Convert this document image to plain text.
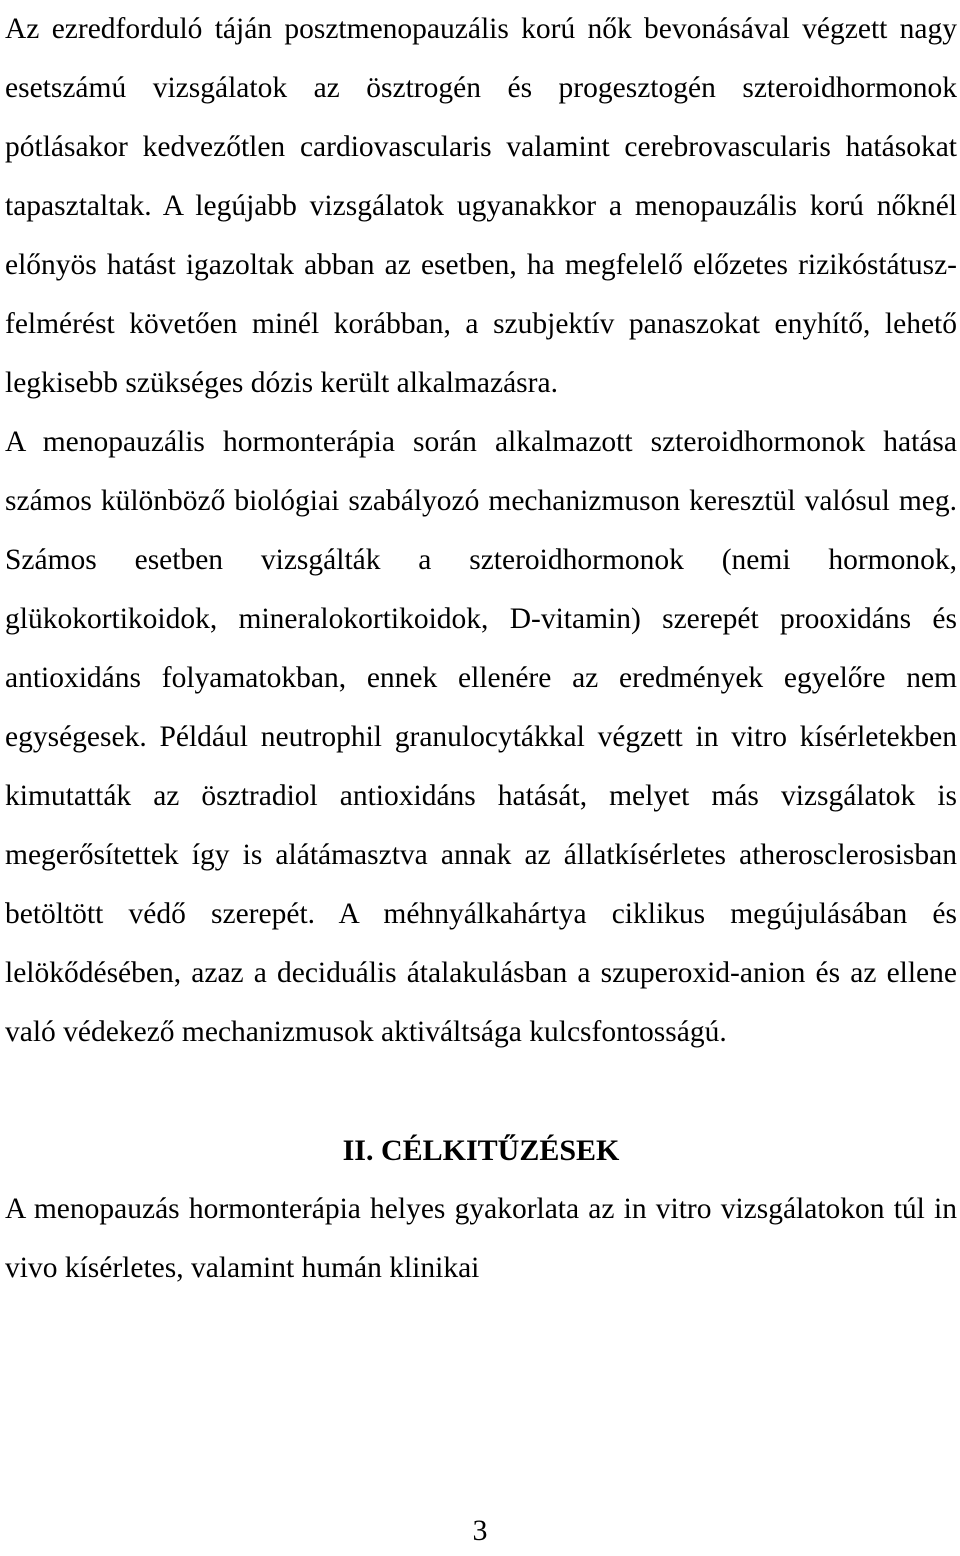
Az ezredforduló táján posztmenopauzális korú nők bevonásával végzett nagy esetszámú vizsgálatok az ösztrogén és progesztogén szteroidhormonok pótlásakor kedvezőtlen cardiovascularis valamint cerebrovascularis hatásokat tapasztaltak. A legújabb vizsgálatok ugyanakkor a menopauzális korú nőknél előnyös hatást igazoltak abban az esetben, ha megfelelő előzetes rizikóstátusz-felmérést követően minél korábban, a szubjektív panaszokat enyhítő, lehető legkisebb szükséges dózis került alkalmazásra.

A menopauzális hormonterápia során alkalmazott szteroidhormonok hatása számos különböző biológiai szabályozó mechanizmuson keresztül valósul meg. Számos esetben vizsgálták a szteroidhormonok (nemi hormonok, glükokortikoidok, mineralokortikoidok, D-vitamin) szerepét prooxidáns és antioxidáns folyamatokban, ennek ellenére az eredmények egyelőre nem egységesek. Például neutrophil granulocytákkal végzett in vitro kísérletekben kimutatták az ösztradiol antioxidáns hatását, melyet más vizsgálatok is megerősítettek így is alátámasztva annak az állatkísérletes atherosclerosisban betöltött védő szerepét. A méhnyálkahártya ciklikus megújulásában és lelökődésében, azaz a deciduális átalakulásban a szuperoxid-anion és az ellene való védekező mechanizmusok aktiváltsága kulcsfontosságú.

II. CÉLKITŰZÉSEK

A menopauzás hormonterápia helyes gyakorlata az in vitro vizsgálatokon túl in vivo kísérletes, valamint humán klinikai

3
